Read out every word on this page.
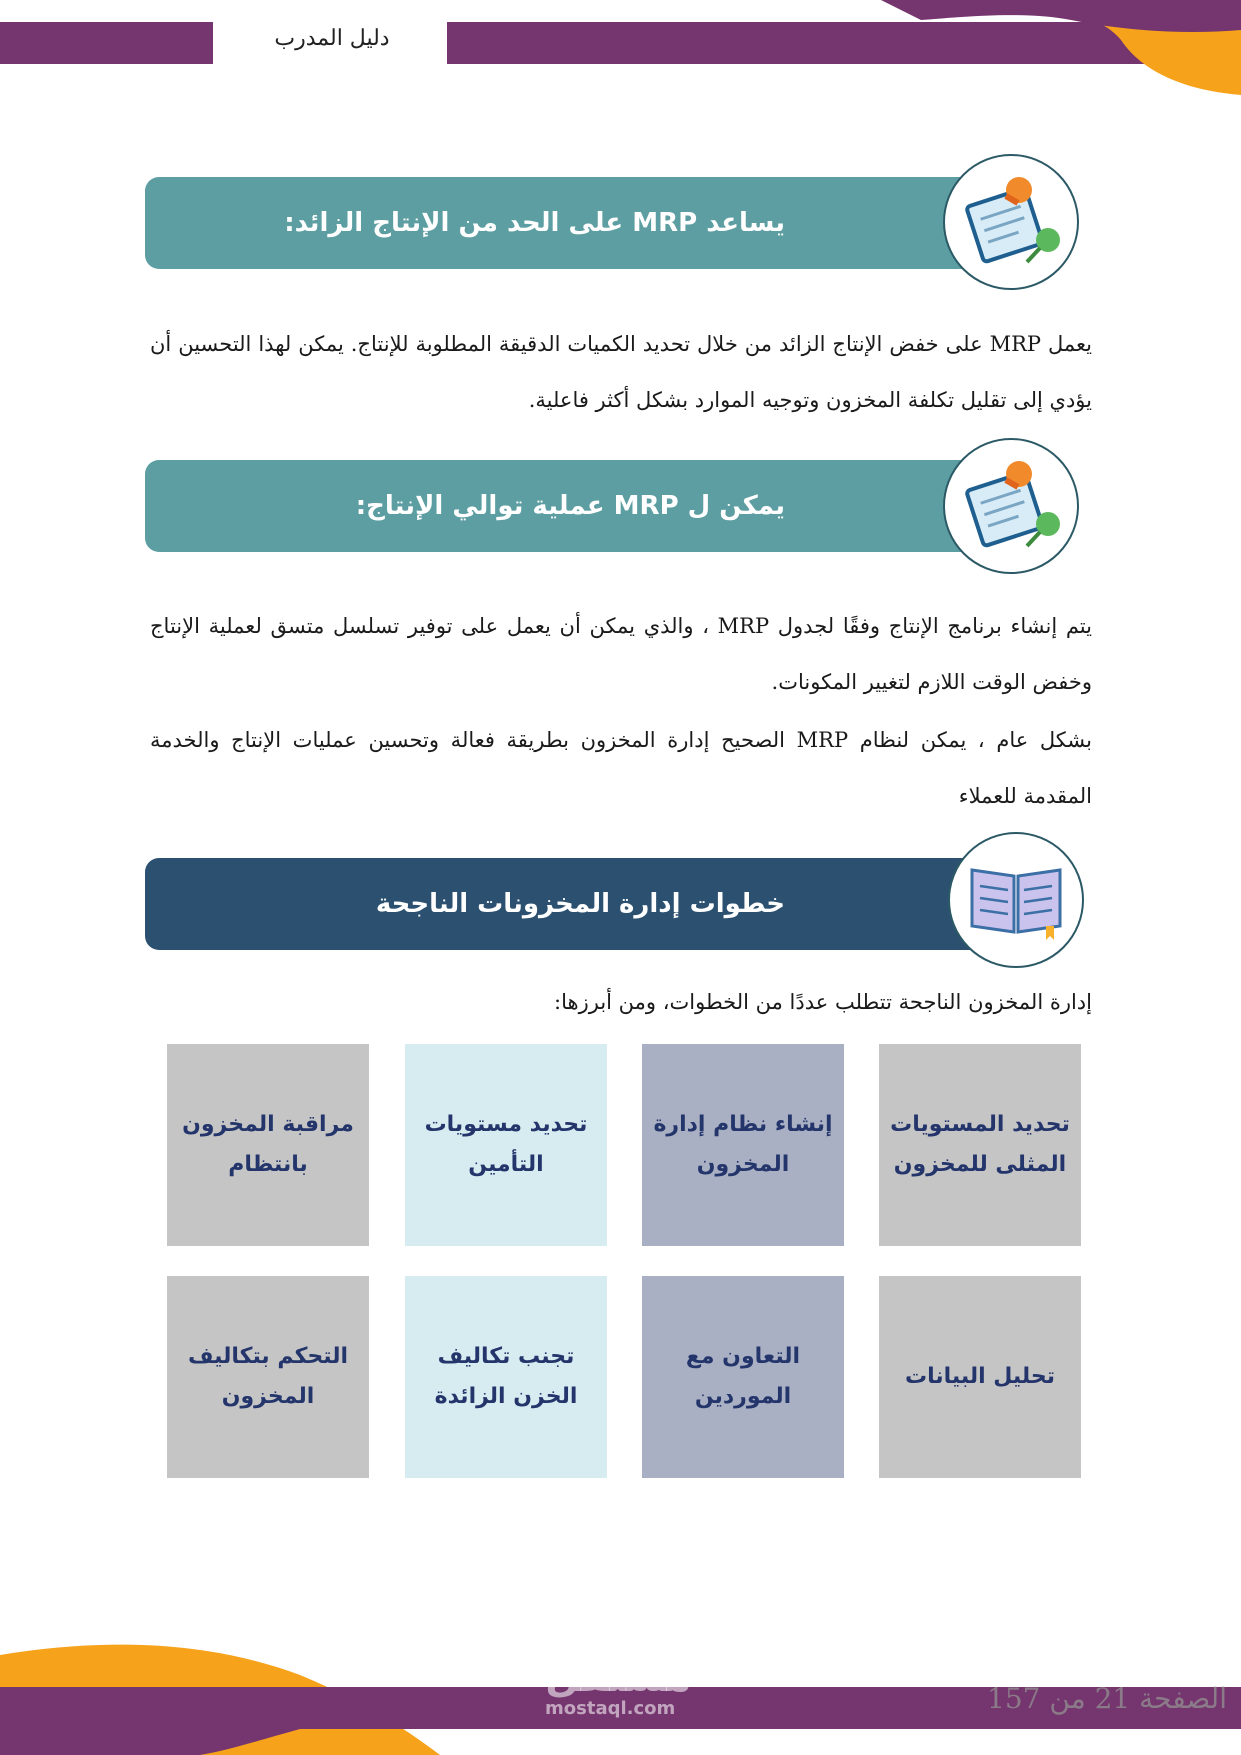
دليل المدرب
يساعد MRP على الحد من الإنتاج الزائد:
يعمل MRP على خفض الإنتاج الزائد من خلال تحديد الكميات الدقيقة المطلوبة للإنتاج. يمكن لهذا التحسين أن يؤدي إلى تقليل تكلفة المخزون وتوجيه الموارد بشكل أكثر فاعلية.
يمكن ل MRP عملية توالي الإنتاج:
يتم إنشاء برنامج الإنتاج وفقًا لجدول MRP ، والذي يمكن أن يعمل على توفير تسلسل متسق لعملية الإنتاج وخفض الوقت اللازم لتغيير المكونات.
بشكل عام ، يمكن لنظام MRP الصحيح إدارة المخزون بطريقة فعالة وتحسين عمليات الإنتاج والخدمة المقدمة للعملاء
خطوات إدارة المخزونات الناجحة
إدارة المخزون الناجحة تتطلب عددًا من الخطوات، ومن أبرزها:
تحديد المستويات المثلى للمخزون
إنشاء نظام إدارة المخزون
تحديد مستويات التأمين
مراقبة المخزون بانتظام
تحليل البيانات
التعاون مع الموردين
تجنب تكاليف الخزن الزائدة
التحكم بتكاليف المخزون
مستقل
mostaql.com	الصفحة 21 من 157
